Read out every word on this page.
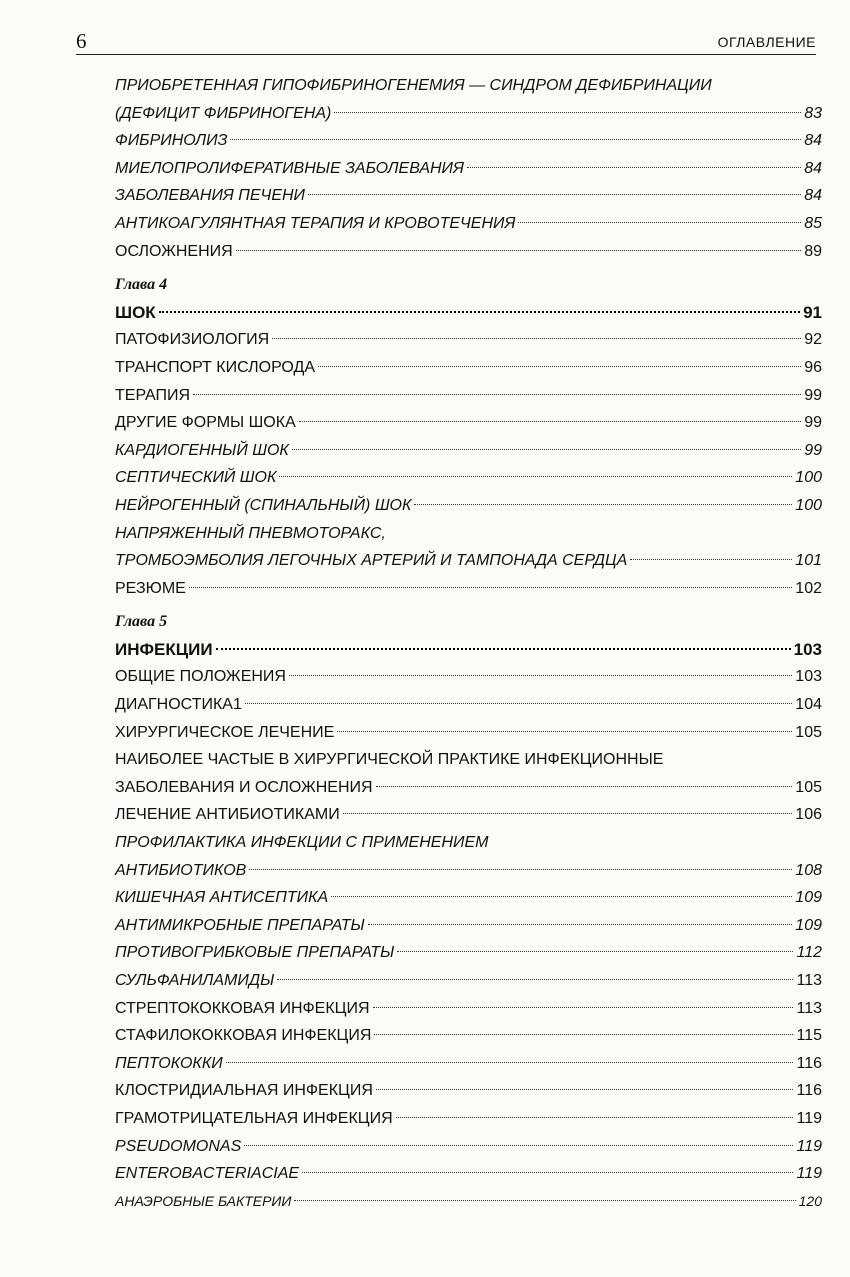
6	ОГЛАВЛЕНИЕ
ПРИОБРЕТЕННАЯ ГИПОФИБРИНОГЕНЕМИЯ — СИНДРОМ ДЕФИБРИНАЦИИ
(ДЕФИЦИТ ФИБРИНОГЕНА)	83
ФИБРИНОЛИЗ	84
МИЕЛОПРОЛИФЕРАТИВНЫЕ ЗАБОЛЕВАНИЯ	84
ЗАБОЛЕВАНИЯ ПЕЧЕНИ	84
АНТИКОАГУЛЯНТНАЯ ТЕРАПИЯ И КРОВОТЕЧЕНИЯ	85
ОСЛОЖНЕНИЯ	89
Глава 4
ШОК	91
ПАТОФИЗИОЛОГИЯ	92
ТРАНСПОРТ КИСЛОРОДА	96
ТЕРАПИЯ	99
ДРУГИЕ ФОРМЫ ШОКА	99
КАРДИОГЕННЫЙ ШОК	99
СЕПТИЧЕСКИЙ ШОК	100
НЕЙРОГЕННЫЙ (СПИНАЛЬНЫЙ) ШОК	100
НАПРЯЖЕННЫЙ ПНЕВМОТОРАКС,
ТРОМБОЭМБОЛИЯ ЛЕГОЧНЫХ АРТЕРИЙ И ТАМПОНАДА СЕРДЦА	101
РЕЗЮМЕ	102
Глава 5
ИНФЕКЦИИ	103
ОБЩИЕ ПОЛОЖЕНИЯ	103
ДИАГНОСТИКА1	104
ХИРУРГИЧЕСКОЕ ЛЕЧЕНИЕ	105
НАИБОЛЕЕ ЧАСТЫЕ В ХИРУРГИЧЕСКОЙ ПРАКТИКЕ ИНФЕКЦИОННЫЕ
ЗАБОЛЕВАНИЯ И ОСЛОЖНЕНИЯ	105
ЛЕЧЕНИЕ АНТИБИОТИКАМИ	106
ПРОФИЛАКТИКА ИНФЕКЦИИ С ПРИМЕНЕНИЕМ
АНТИБИОТИКОВ	108
КИШЕЧНАЯ АНТИСЕПТИКА	109
АНТИМИКРОБНЫЕ ПРЕПАРАТЫ	109
ПРОТИВОГРИБКОВЫЕ ПРЕПАРАТЫ	112
СУЛЬФАНИЛАМИДЫ	113
СТРЕПТОКОККОВАЯ ИНФЕКЦИЯ	113
СТАФИЛОКОККОВАЯ ИНФЕКЦИЯ	115
ПЕПТОКОККИ	116
КЛОСТРИДИАЛЬНАЯ ИНФЕКЦИЯ	116
ГРАМОТРИЦАТЕЛЬНАЯ ИНФЕКЦИЯ	119
PSEUDOMONAS	119
ENTEROBACTERIACIAE	119
АНАЭРОБНЫЕ БАКТЕРИИ	120
